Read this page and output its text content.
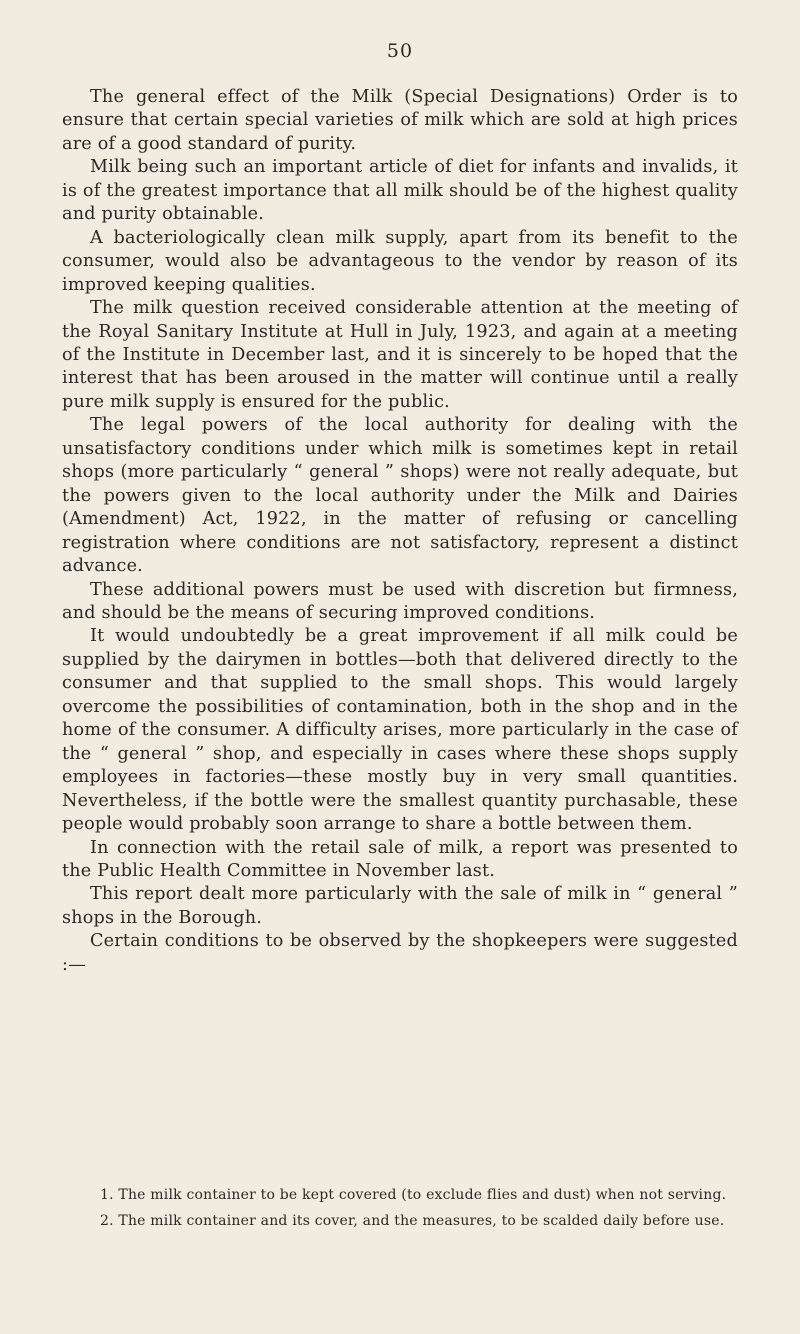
50

The general effect of the Milk (Special Designations) Order is to ensure that certain special varieties of milk which are sold at high prices are of a good standard of purity.

Milk being such an important article of diet for infants and invalids, it is of the greatest importance that all milk should be of the highest quality and purity obtainable.

A bacteriologically clean milk supply, apart from its benefit to the consumer, would also be advantageous to the vendor by reason of its improved keeping qualities.

The milk question received considerable attention at the meeting of the Royal Sanitary Institute at Hull in July, 1923, and again at a meeting of the Institute in December last, and it is sincerely to be hoped that the interest that has been aroused in the matter will continue until a really pure milk supply is ensured for the public.

The legal powers of the local authority for dealing with the unsatisfactory conditions under which milk is sometimes kept in retail shops (more particularly “ general ” shops) were not really adequate, but the powers given to the local authority under the Milk and Dairies (Amendment) Act, 1922, in the matter of refusing or cancelling registration where conditions are not satisfactory, represent a distinct advance.

These additional powers must be used with discretion but firmness, and should be the means of securing improved conditions.

It would undoubtedly be a great improvement if all milk could be supplied by the dairymen in bottles—both that delivered directly to the consumer and that supplied to the small shops. This would largely overcome the possibilities of contamination, both in the shop and in the home of the consumer. A difficulty arises, more particularly in the case of the “ general ” shop, and especially in cases where these shops supply employees in factories—these mostly buy in very small quantities. Nevertheless, if the bottle were the smallest quantity purchasable, these people would probably soon arrange to share a bottle between them.

In connection with the retail sale of milk, a report was presented to the Public Health Committee in November last.

This report dealt more particularly with the sale of milk in “ general ” shops in the Borough.

Certain conditions to be observed by the shopkeepers were suggested :—

1. The milk container to be kept covered (to exclude flies and dust) when not serving.

2. The milk container and its cover, and the measures, to be scalded daily before use.
